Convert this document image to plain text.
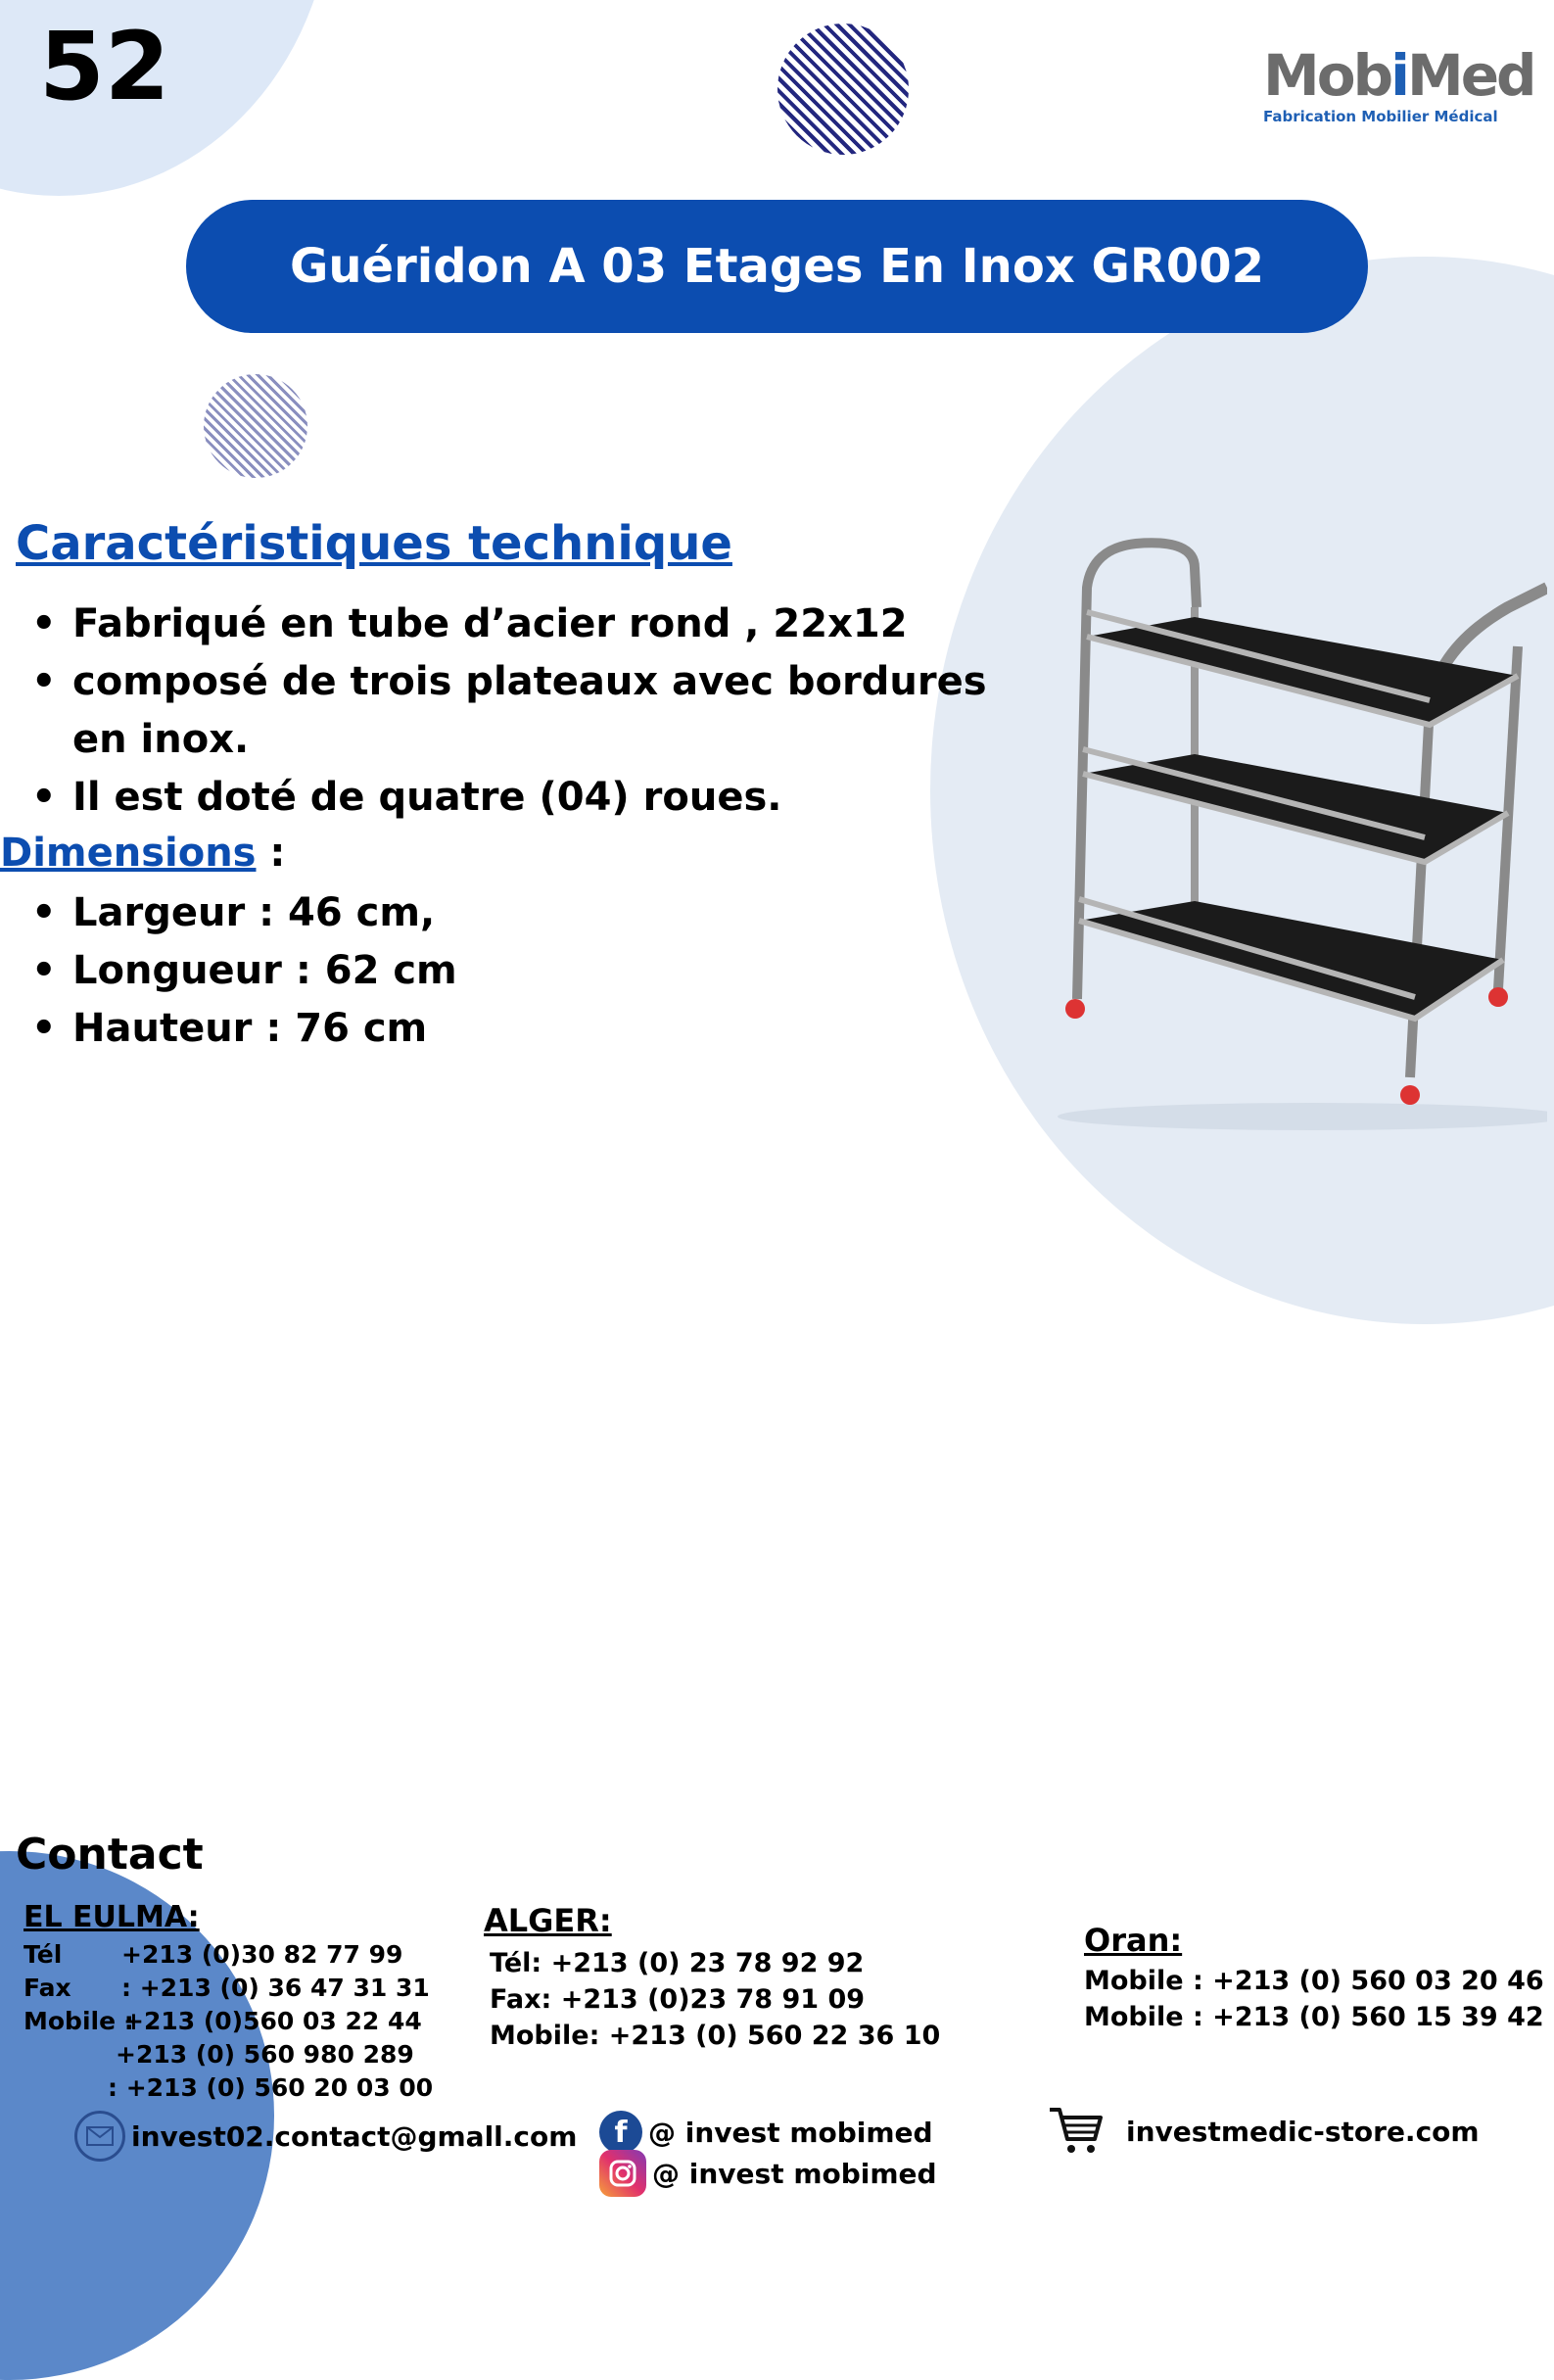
52	MobiMed
Fabrication Mobilier Médical
Guéridon A 03 Etages En Inox GR002
Caractéristiques technique
• Fabriqué en tube d’acier rond , 22x12
• composé de trois plateaux avec bordures en inox.
• Il est doté de quatre (04) roues.
Dimensions :
• Largeur : 46 cm,
• Longueur : 62 cm
• Hauteur : 76 cm
Contact
EL EULMA:
Tél	+213 (0)30 82 77 99
Fax	: +213 (0) 36 47 31 31
Mobile :
+213 (0)560 03 22 44
+213 (0) 560 980 289
: +213 (0) 560 20 03 00
ALGER:
Tél: +213 (0) 23 78 92 92
Fax: +213 (0)23 78 91 09
Mobile: +213 (0) 560 22 36 10
Oran:
Mobile : +213 (0) 560 03 20 46
Mobile : +213 (0) 560 15 39 42
invest02.contact@gmall.com	f @ invest mobimed
@ invest mobimed
investmedic-store.com
